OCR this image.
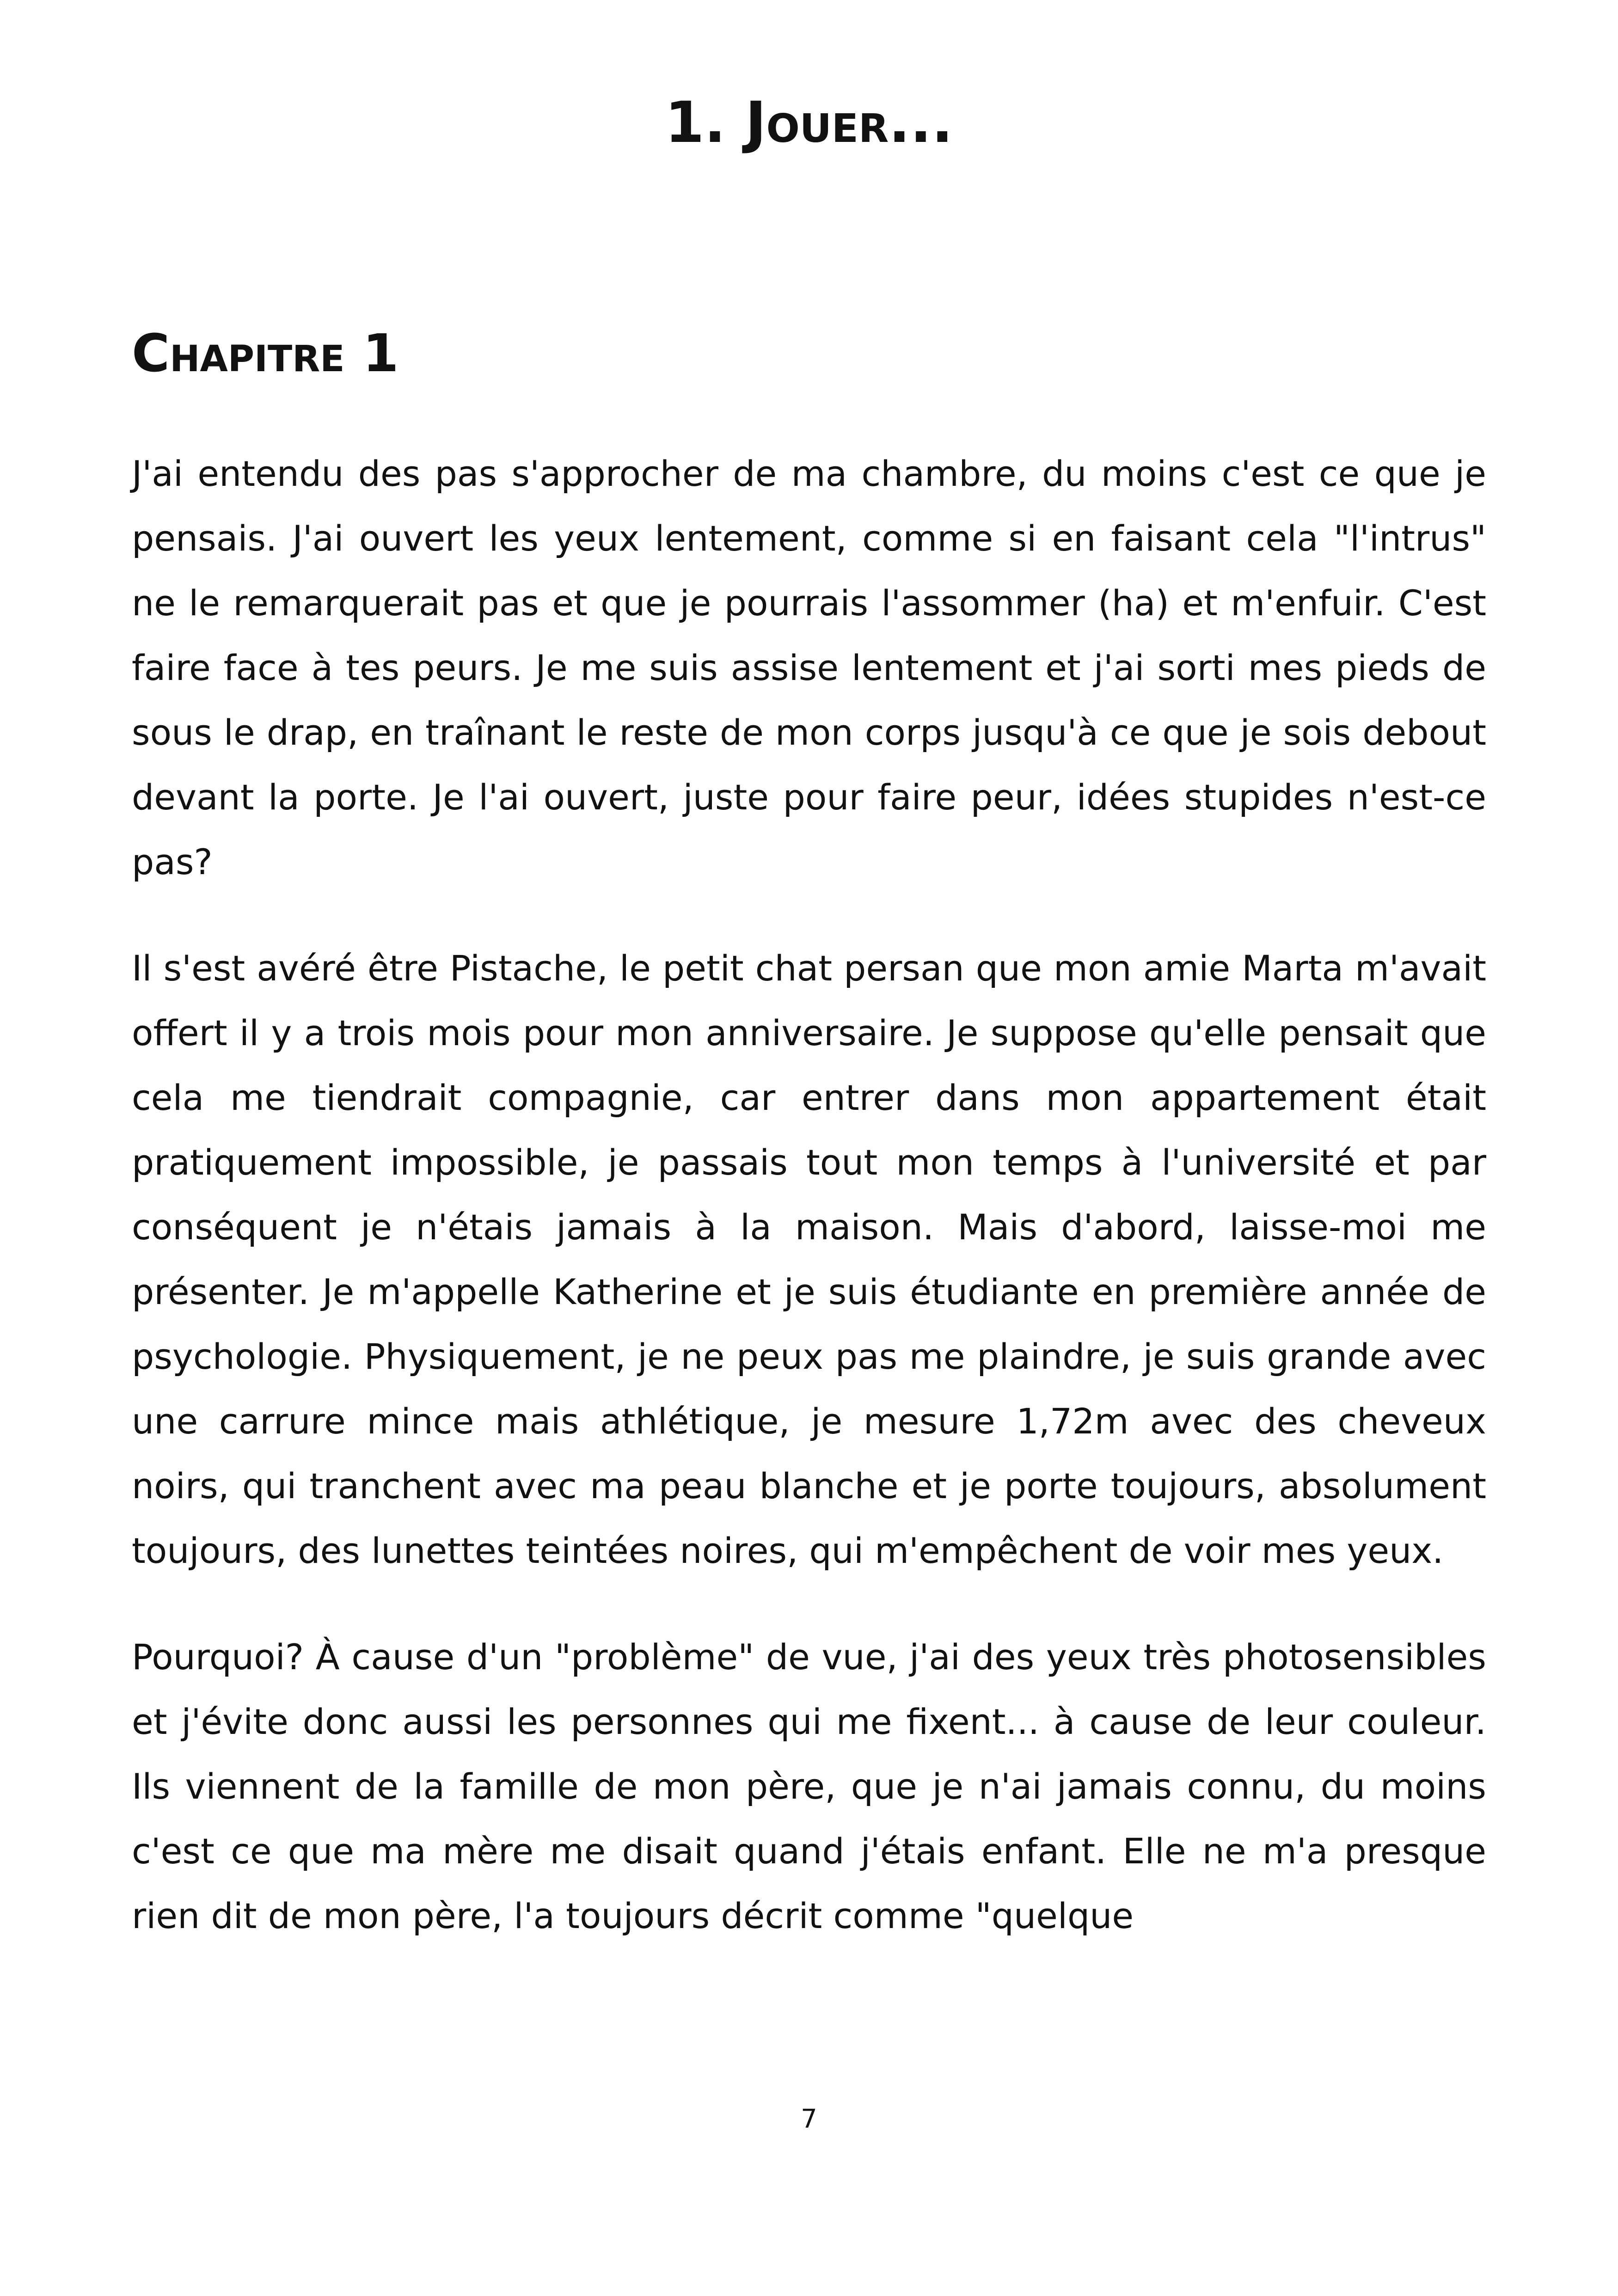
1. Jouer...
Chapitre 1

J'ai entendu des pas s'approcher de ma chambre, du moins c'est ce que je pensais. J'ai ouvert les yeux lentement, comme si en faisant cela "l'intrus" ne le remarquerait pas et que je pourrais l'assommer (ha) et m'enfuir. C'est faire face à tes peurs. Je me suis assise lentement et j'ai sorti mes pieds de sous le drap, en traînant le reste de mon corps jusqu'à ce que je sois debout devant la porte. Je l'ai ouvert, juste pour faire peur, idées stupides n'est-ce pas?

Il s'est avéré être Pistache, le petit chat persan que mon amie Marta m'avait offert il y a trois mois pour mon anniversaire. Je suppose qu'elle pensait que cela me tiendrait compagnie, car entrer dans mon appartement était pratiquement impossible, je passais tout mon temps à l'université et par conséquent je n'étais jamais à la maison. Mais d'abord, laisse-moi me présenter. Je m'appelle Katherine et je suis étudiante en première année de psychologie. Physiquement, je ne peux pas me plaindre, je suis grande avec une carrure mince mais athlétique, je mesure 1,72m avec des cheveux noirs, qui tranchent avec ma peau blanche et je porte toujours, absolument toujours, des lunettes teintées noires, qui m'empêchent de voir mes yeux.

Pourquoi? À cause d'un "problème" de vue, j'ai des yeux très photosensibles et j'évite donc aussi les personnes qui me fixent... à cause de leur couleur. Ils viennent de la famille de mon père, que je n'ai jamais connu, du moins c'est ce que ma mère me disait quand j'étais enfant. Elle ne m'a presque rien dit de mon père, l'a toujours décrit comme "quelque

7
